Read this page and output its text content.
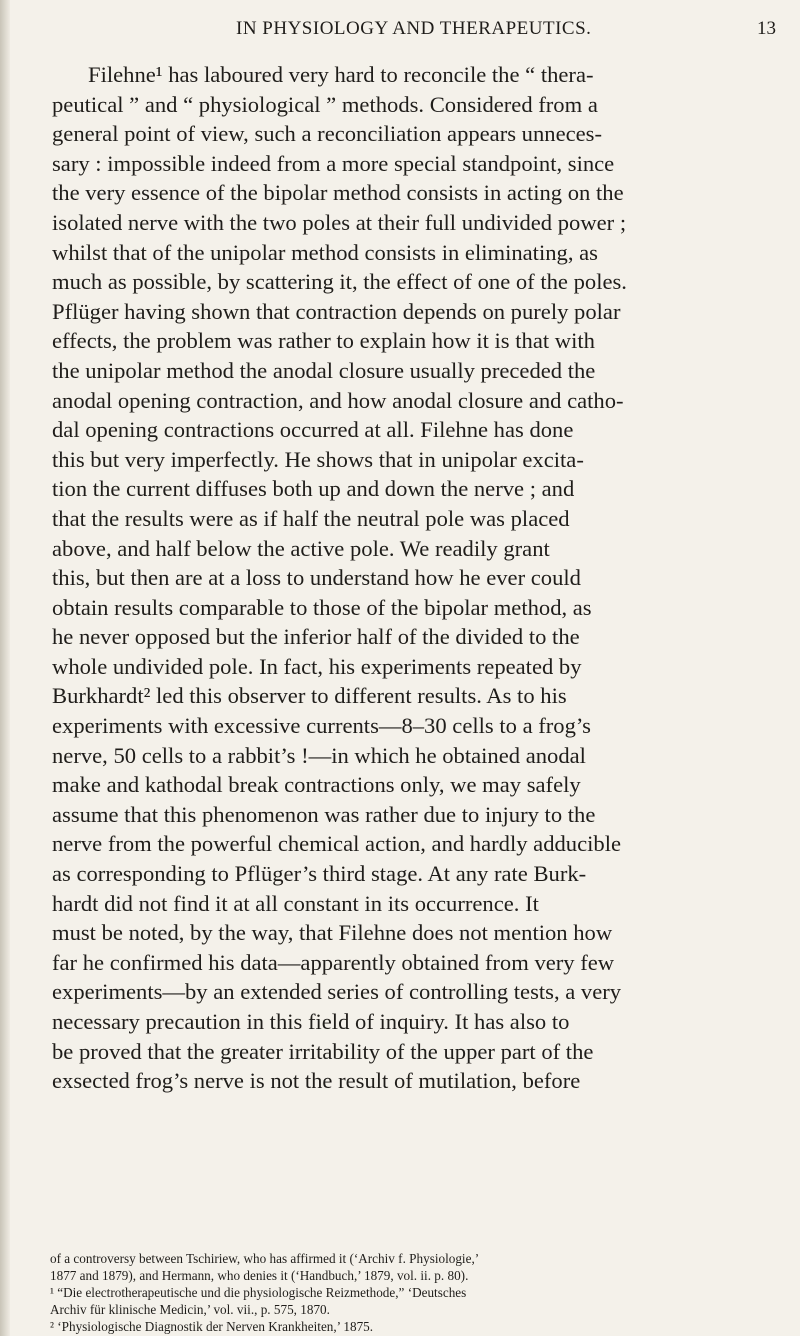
IN PHYSIOLOGY AND THERAPEUTICS.	13
Filehne¹ has laboured very hard to reconcile the “ thera-
peutical ” and “ physiological ” methods. Considered from a
general point of view, such a reconciliation appears unneces-
sary : impossible indeed from a more special standpoint, since
the very essence of the bipolar method consists in acting on the
isolated nerve with the two poles at their full undivided power ;
whilst that of the unipolar method consists in eliminating, as
much as possible, by scattering it, the effect of one of the poles.
Pflüger having shown that contraction depends on purely polar
effects, the problem was rather to explain how it is that with
the unipolar method the anodal closure usually preceded the
anodal opening contraction, and how anodal closure and catho-
dal opening contractions occurred at all. Filehne has done
this but very imperfectly. He shows that in unipolar excita-
tion the current diffuses both up and down the nerve ; and
that the results were as if half the neutral pole was placed
above, and half below the active pole. We readily grant
this, but then are at a loss to understand how he ever could
obtain results comparable to those of the bipolar method, as
he never opposed but the inferior half of the divided to the
whole undivided pole. In fact, his experiments repeated by
Burkhardt² led this observer to different results. As to his
experiments with excessive currents—8–30 cells to a frog’s
nerve, 50 cells to a rabbit’s !—in which he obtained anodal
make and kathodal break contractions only, we may safely
assume that this phenomenon was rather due to injury to the
nerve from the powerful chemical action, and hardly adducible
as corresponding to Pflüger’s third stage. At any rate Burk-
hardt did not find it at all constant in its occurrence. It
must be noted, by the way, that Filehne does not mention how
far he confirmed his data—apparently obtained from very few
experiments—by an extended series of controlling tests, a very
necessary precaution in this field of inquiry. It has also to
be proved that the greater irritability of the upper part of the
exsected frog’s nerve is not the result of mutilation, before
of a controversy between Tschiriew, who has affirmed it (‘Archiv f. Physiologie,’
1877 and 1879), and Hermann, who denies it (‘Handbuch,’ 1879, vol. ii. p. 80).
¹ “Die electrotherapeutische und die physiologische Reizmethode,” ‘Deutsches
Archiv für klinische Medicin,’ vol. vii., p. 575, 1870.
² ‘Physiologische Diagnostik der Nerven Krankheiten,’ 1875.
